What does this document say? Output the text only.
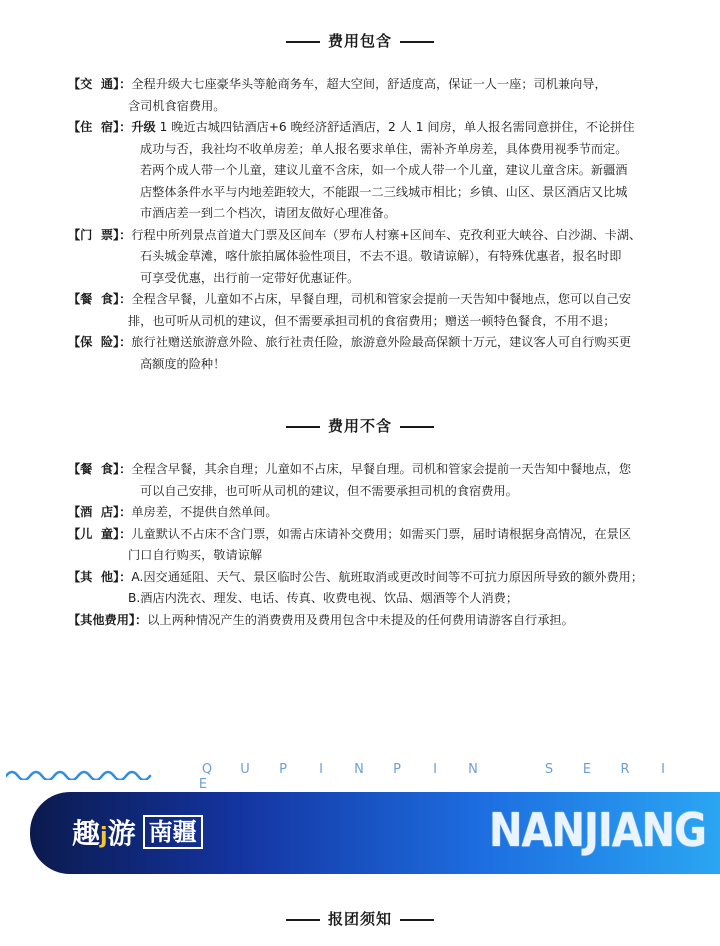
费用包含
【交  通】：全程升级大七座豪华头等舱商务车，超大空间，舒适度高，保证一人一座；司机兼向导，
含司机食宿费用。
【住  宿】：升级 1 晚近古城四钻酒店+6 晚经济舒适酒店，2 人 1 间房，单人报名需同意拼住，不论拼住
成功与否，我社均不收单房差；单人报名要求单住，需补齐单房差，具体费用视季节而定。
若两个成人带一个儿童，建议儿童不含床，如一个成人带一个儿童，建议儿童含床。新疆酒
店整体条件水平与内地差距较大，不能跟一二三线城市相比；乡镇、山区、景区酒店又比城
市酒店差一到二个档次，请团友做好心理准备。
【门  票】：行程中所列景点首道大门票及区间车（罗布人村寨+区间车、克孜利亚大峡谷、白沙湖、卡湖、
石头城金草滩，喀什旅拍属体验性项目，不去不退。敬请谅解），有特殊优惠者，报名时即
可享受优惠，出行前一定带好优惠证件。
【餐  食】：全程含早餐，儿童如不占床，早餐自理，司机和管家会提前一天告知中餐地点，您可以自己安
排，也可听从司机的建议，但不需要承担司机的食宿费用；赠送一顿特色餐食，不用不退；
【保  险】：旅行社赠送旅游意外险、旅行社责任险，旅游意外险最高保额十万元，建议客人可自行购买更
高额度的险种！
费用不含
【餐  食】：全程含早餐，其余自理；儿童如不占床，早餐自理。司机和管家会提前一天告知中餐地点，您
可以自己安排，也可听从司机的建议，但不需要承担司机的食宿费用。
【酒  店】：单房差，不提供自然单间。
【儿  童】：儿童默认不占床不含门票，如需占床请补交费用；如需买门票，届时请根据身高情况，在景区
门口自行购买，敬请谅解
【其  他】：A.因交通延阻、天气、景区临时公告、航班取消或更改时间等不可抗力原因所导致的额外费用；
B.酒店内洗衣、理发、电话、传真、收费电视、饮品、烟酒等个人消费；
【其他费用】：以上两种情况产生的消费费用及费用包含中未提及的任何费用请游客自行承担。
Q U P I N P I N	S E R IE
趣j游 南疆	NANJIANG
报团须知
